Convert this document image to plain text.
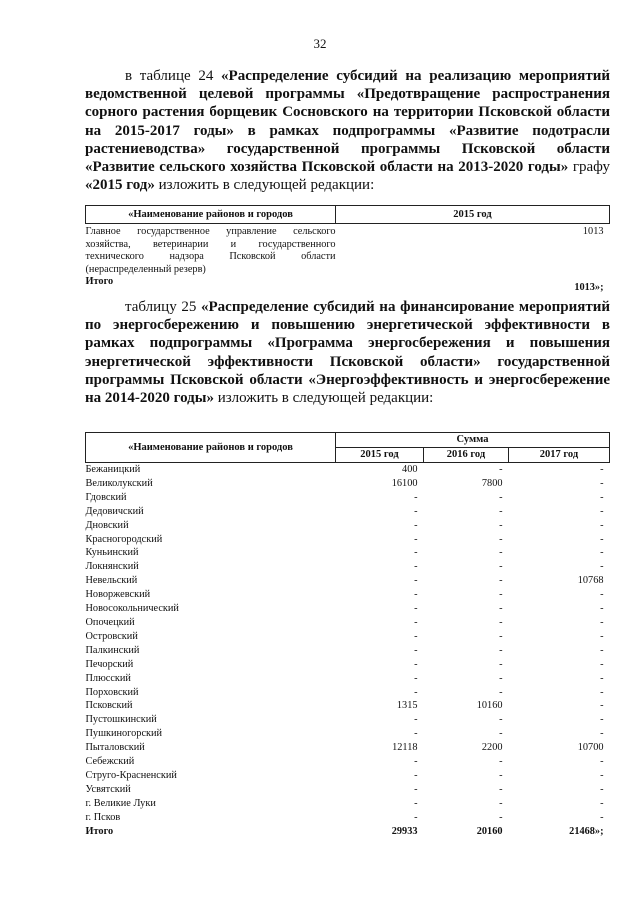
32
в таблице 24 «Распределение субсидий на реализацию мероприятий ведомственной целевой программы «Предотвращение распространения сорного растения борщевик Сосновского на территории Псковской области на 2015-2017 годы» в рамках подпрограммы «Развитие подотрасли растениеводства» государственной программы Псковской области «Развитие сельского хозяйства Псковской области на 2013-2020 годы» графу «2015 год» изложить в следующей редакции:
«Наименование районов и городов	2015 год
Главное государственное управление сельского хозяйства, ветеринарии и государственного технического надзора Псковской области (нераспределенный резерв)	1013
Итого	1013»;
таблицу 25 «Распределение субсидий на финансирование мероприятий по энергосбережению и повышению энергетической эффективности в рамках подпрограммы «Программа энергосбережения и повышения энергетической эффективности Псковской области» государственной программы Псковской области «Энергоэффективность и энергосбережение на 2014-2020 годы» изложить в следующей редакции:
«Наименование районов и городов	Сумма		
	2015 год	2016 год	2017 год
Бежаницкий	400	-	-
Великолукский	16100	7800	-
Гдовский	-	-	-
Дедовичский	-	-	-
Дновский	-	-	-
Красногородский	-	-	-
Куньинский	-	-	-
Локнянский	-	-	-
Невельский	-	-	10768
Новоржевский	-	-	-
Новосокольнический	-	-	-
Опочецкий	-	-	-
Островский	-	-	-
Палкинский	-	-	-
Печорский	-	-	-
Плюсский	-	-	-
Порховский	-	-	-
Псковский	1315	10160	-
Пустошкинский	-	-	-
Пушкиногорский	-	-	-
Пыталовский	12118	2200	10700
Себежский	-	-	-
Струго-Красненский	-	-	-
Усвятский	-	-	-
г. Великие Луки	-	-	-
г. Псков	-	-	-
Итого	29933	20160	21468»;
